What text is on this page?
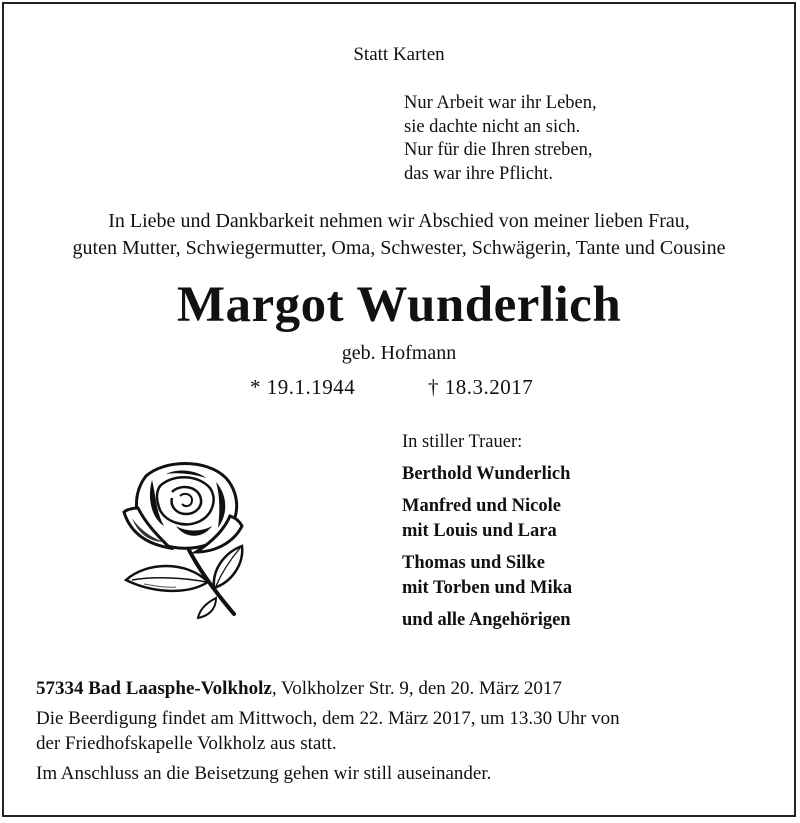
Statt Karten
Nur Arbeit war ihr Leben,
sie dachte nicht an sich.
Nur für die Ihren streben,
das war ihre Pflicht.
In Liebe und Dankbarkeit nehmen wir Abschied von meiner lieben Frau,
guten Mutter, Schwiegermutter, Oma, Schwester, Schwägerin, Tante und Cousine
Margot Wunderlich
geb. Hofmann
* 19.1.1944	† 18.3.2017
In stiller Trauer:
Berthold Wunderlich
Manfred und Nicole
mit Louis und Lara
Thomas und Silke
mit Torben und Mika
und alle Angehörigen

57334 Bad Laasphe-Volkholz, Volkholzer Str. 9, den 20. März 2017

Die Beerdigung findet am Mittwoch, dem 22. März 2017, um 13.30 Uhr von
der Friedhofskapelle Volkholz aus statt.

Im Anschluss an die Beisetzung gehen wir still auseinander.
